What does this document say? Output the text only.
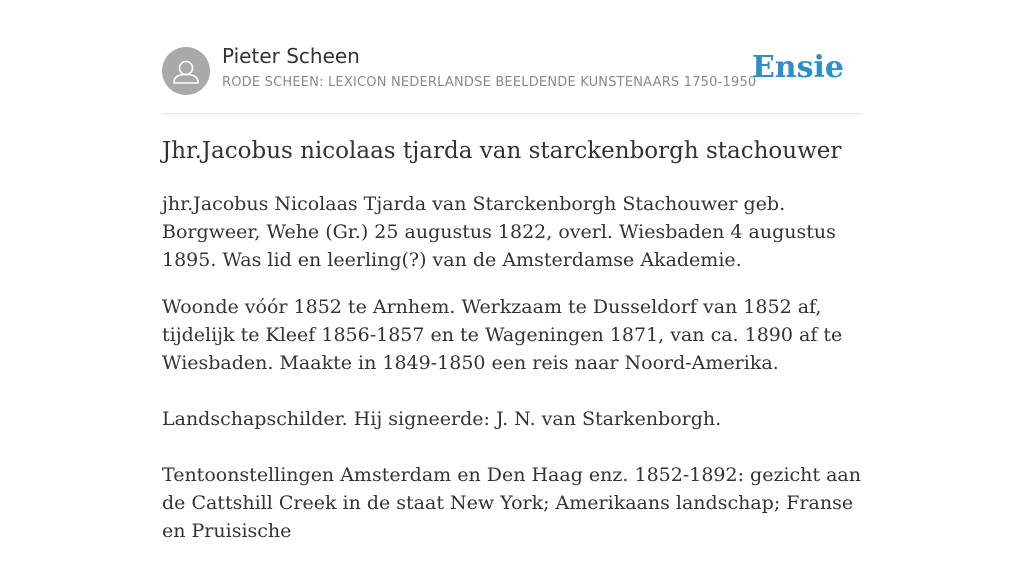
Pieter Scheen
RODE SCHEEN: LEXICON NEDERLANDSE BEELDENDE KUNSTENAARS 1750-1950
Ensie
Jhr.Jacobus nicolaas tjarda van starckenborgh stachouwer

jhr.Jacobus Nicolaas Tjarda van Starckenborgh Stachouwer geb. Borgweer, Wehe (Gr.) 25 augustus 1822, overl. Wiesbaden 4 augustus 1895. Was lid en leerling(?) van de Amsterdamse Akademie.

Woonde vóór 1852 te Arnhem. Werkzaam te Dusseldorf van 1852 af, tijdelijk te Kleef 1856-1857 en te Wageningen 1871, van ca. 1890 af te Wiesbaden. Maakte in 1849-1850 een reis naar Noord-Amerika.

Landschapschilder. Hij signeerde: J. N. van Starkenborgh.

Tentoonstellingen Amsterdam en Den Haag enz. 1852-1892: gezicht aan de Cattshill Creek in de staat New York; Amerikaans landschap; Franse en Pruisische
